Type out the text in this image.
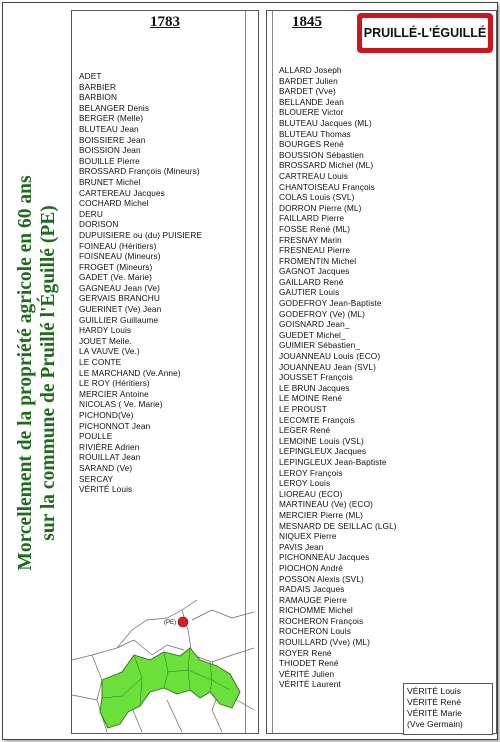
Morcellement de la propriété agricole en 60 ans sur la commune de Pruillé l'Éguillé (PE)
1783
ADET
BARBIER
BARBION
BELANGER Denis
BERGER (Melle)
BLUTEAU Jean
BOISSIERE Jean
BOISSION Jean
BOUILLE Pierre
BROSSARD François (Mineurs)
BRUNET Michel
CARTEREAU Jacques
COCHARD Michel
DERU
DORISON
DUPUISIERE ou (du) PUISIERE
FOINEAU (Héritiers)
FOISNEAU (Mineurs)
FROGET (Mineurs)
GADET (Ve. Marie)
GAGNEAU Jean (Ve)
GERVAIS BRANCHU
GUERINET (Ve) Jean
GUILLIER Guillaume
HARDY Louis
JOUET Melle.
LA VAUVE (Ve.)
LE CONTE
LE MARCHAND (Ve.Anne)
LE ROY (Héritiers)
MERCIER Antoine
NICOLAS ( Ve. Marie)
PICHOND(Ve)
PICHONNOT Jean
POULLE
RIVIÈRE Adrien
ROUILLAT Jean
SARAND (Ve)
SERCAY
VÉRITÉ Louis
(PE)
1845
ALLARD Joseph
BARDET Julien
BARDET (Vve)
BELLANDE Jean
BLOUERE Victor
BLUTEAU Jacques (ML)
BLUTEAU Thomas
BOURGES René
BOUSSION Sébastien
BROSSARD Michel (ML)
CARTREAU Louis
CHANTOISEAU François
COLAS Louis (SVL)
DORRON Pierre (ML)
FAILLARD Pierre
FOSSE René (ML)
FRESNAY Marin
FRESNEAU Pierre
FROMENTIN Michel
GAGNOT Jacques
GAILLARD René
GAUTIER Louis
GODEFROY Jean-Baptiste
GODEFROY (Ve) (ML)
GOISNARD Jean_
GUEDET Michel_
GUIMIER Sébastien_
JOUANNEAU Louis (ECO)
JOUANNEAU Jean (SVL)
JOUSSET François
LE BRUN Jacques
LE MOINE René
LE PROUST
LECOMTE François
LEGER René
LEMOINE Louis (VSL)
LEPINGLEUX Jacques
LEPINGLEUX Jean-Baptiste
LEROY François
LEROY Louis
LIOREAU (ECO)
MARTINEAU (Ve) (ECO)
MERCIER Pierre (ML)
MESNARD DE SEILLAC (LGL)
NIQUEX Pierre
PAVIS Jean
PICHONNEAU Jacques
PIOCHON André
POSSON Alexis (SVL)
RADAIS Jacques
RAMAUGE Pierre
RICHOMME Michel
ROCHERON François
ROCHERON Louis
ROUILLARD (Vve) (ML)
ROYER René
THIODET René
VÉRITÉ Julien
VÉRITÉ Laurent
PRUILLÉ-L'ÉGUILLÉ
VÉRITÉ Louis
VÉRITÉ René
VÉRITÉ Marie
(Vve Germain)
